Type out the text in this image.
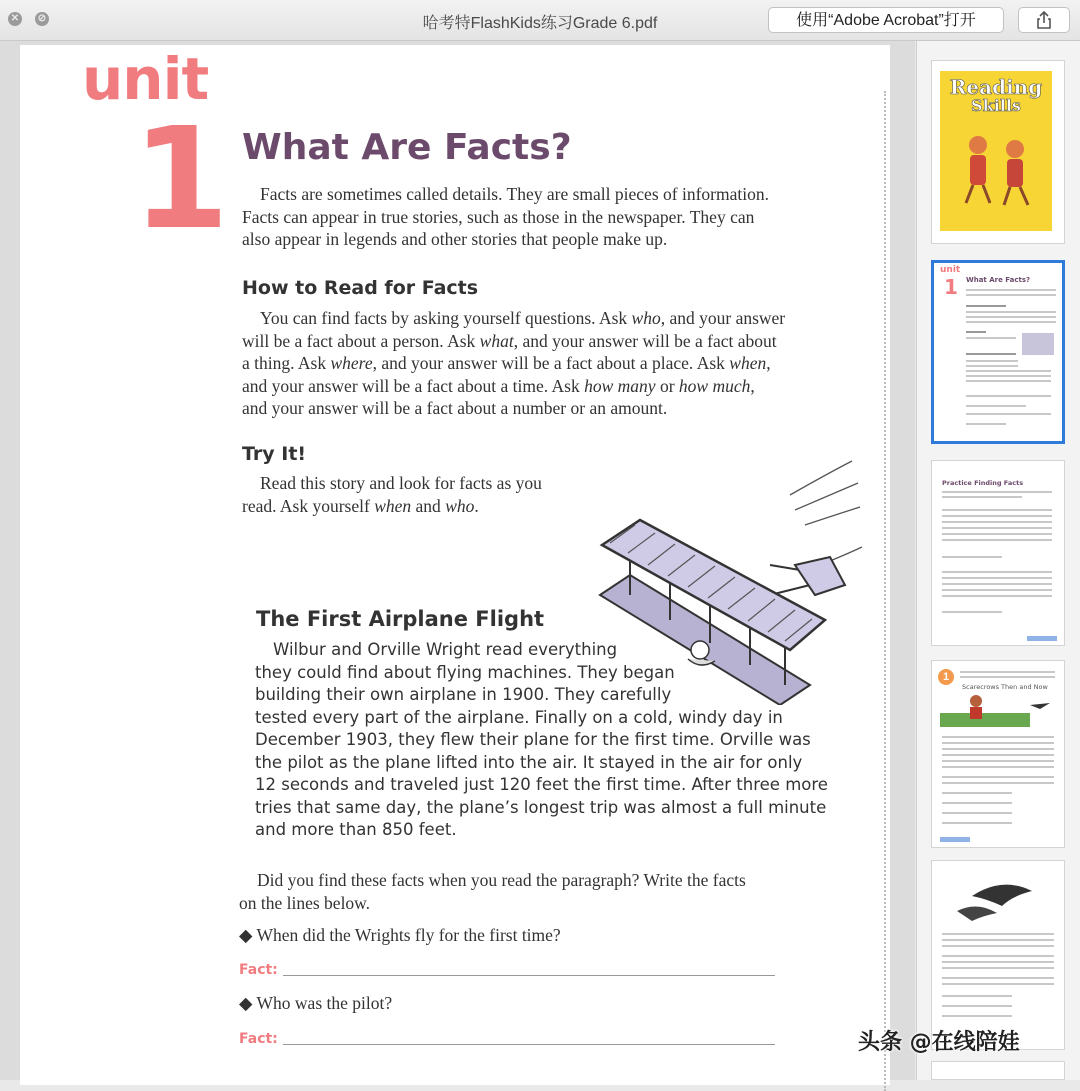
✕ ⊘	哈考特FlashKids练习Grade 6.pdf	使用“Adobe Acrobat”打开
unit
1 What Are Facts?
Facts are sometimes called details. They are small pieces of information.
Facts can appear in true stories, such as those in the newspaper. They can
also appear in legends and other stories that people make up.
How to Read for Facts
You can find facts by asking yourself questions. Ask who, and your answer
will be a fact about a person. Ask what, and your answer will be a fact about
a thing. Ask where, and your answer will be a fact about a place. Ask when,
and your answer will be a fact about a time. Ask how many or how much,
and your answer will be a fact about a number or an amount.
Try It!
Read this story and look for facts as you
read. Ask yourself when and who.
The First Airplane Flight
Wilbur and Orville Wright read everything
they could find about flying machines. They began
building their own airplane in 1900. They carefully
tested every part of the airplane. Finally on a cold, windy day in
December 1903, they flew their plane for the first time. Orville was
the pilot as the plane lifted into the air. It stayed in the air for only
12 seconds and traveled just 120 feet the first time. After three more
tries that same day, the plane’s longest trip was almost a full minute
and more than 850 feet.
Did you find these facts when you read the paragraph? Write the facts
on the lines below.
◆ When did the Wrights fly for the first time?
Fact:
◆ Who was the pilot?
Fact:
Reading
Skills
unit
1 What Are Facts?
Practice Finding Facts
1
Scarecrows Then and Now
头条 @在线陪娃
